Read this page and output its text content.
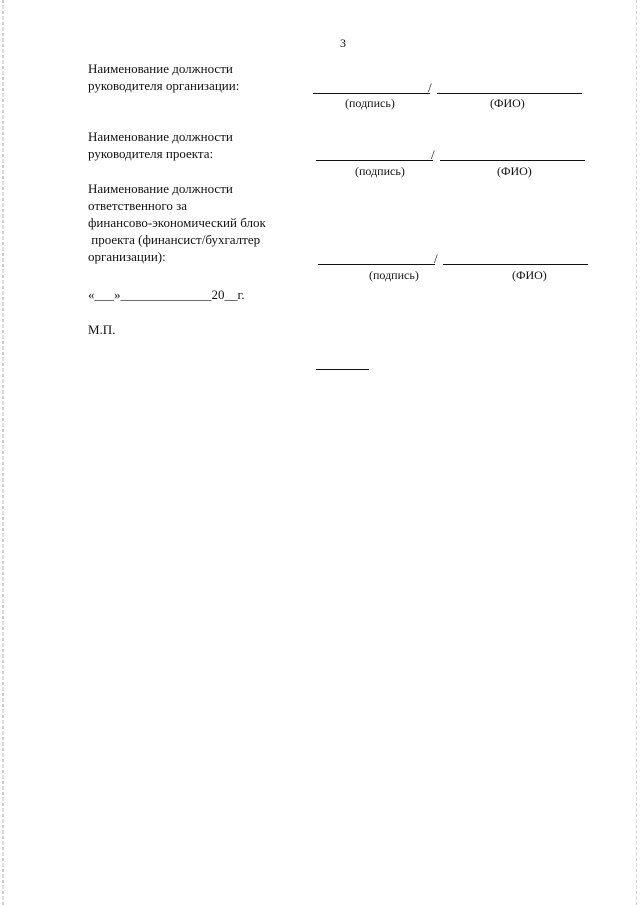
3
Наименование должности
руководителя организации:	/
(подпись)	(ФИО)
Наименование должности
руководителя проекта:	/
(подпись)	(ФИО)
Наименование должности
ответственного за
финансово-экономический блок
проекта (финансист/бухгалтер
организации):	/
(подпись)	(ФИО)
«___»______________20__г.
М.П.
